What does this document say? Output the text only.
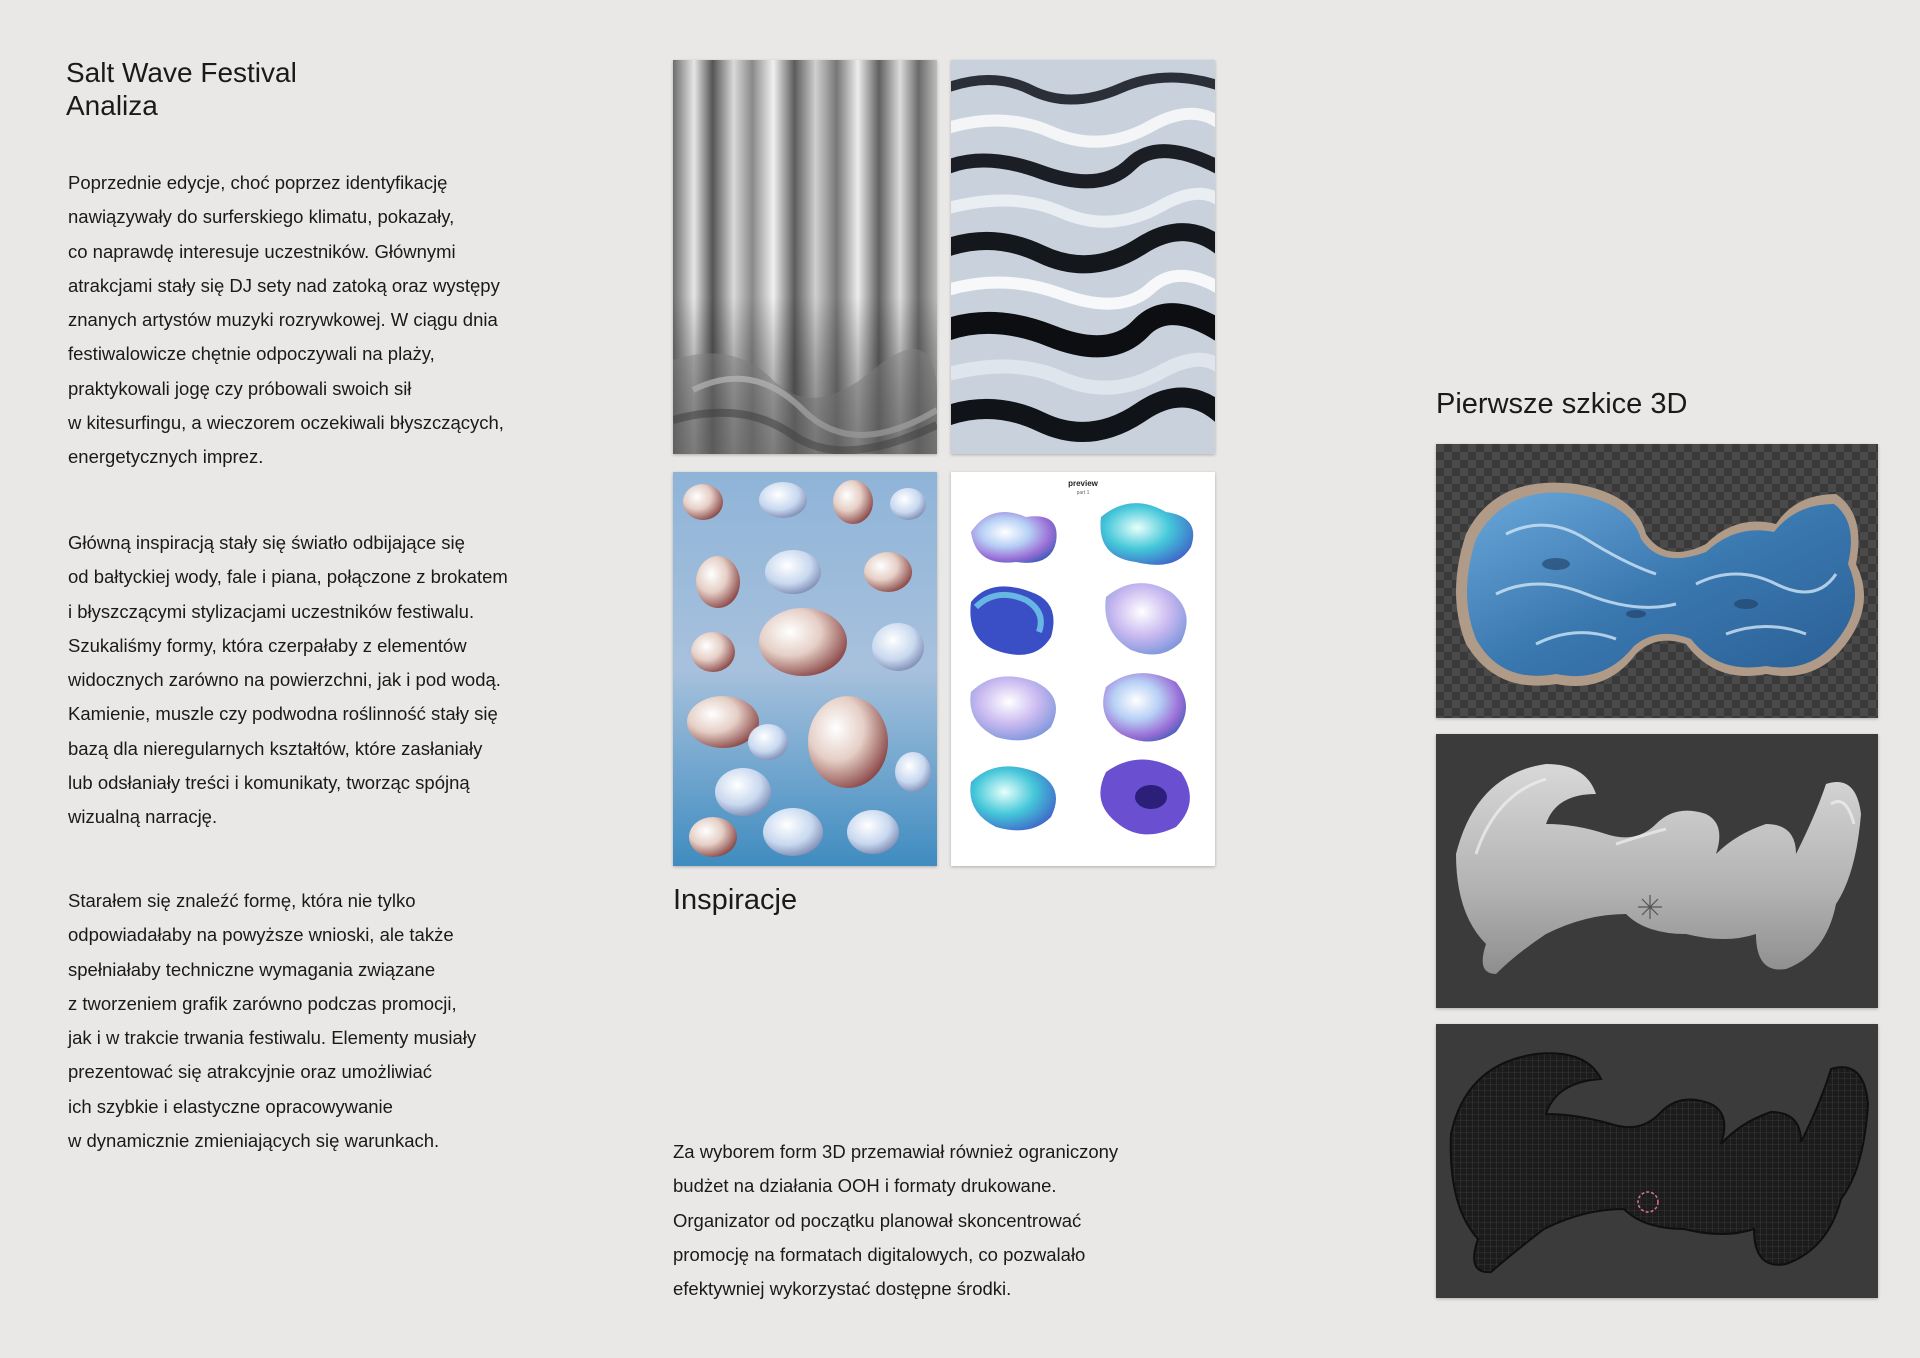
Salt Wave Festival
Analiza

Poprzednie edycje, choć poprzez identyfikację
nawiązywały do surferskiego klimatu, pokazały,
co naprawdę interesuje uczestników. Głównymi
atrakcjami stały się DJ sety nad zatoką oraz występy
znanych artystów muzyki rozrywkowej. W ciągu dnia
festiwalowicze chętnie odpoczywali na plaży,
praktykowali jogę czy próbowali swoich sił
w kitesurfingu, a wieczorem oczekiwali błyszczących,
energetycznych imprez.

Główną inspiracją stały się światło odbijające się
od bałtyckiej wody, fale i piana, połączone z brokatem
i błyszczącymi stylizacjami uczestników festiwalu.
Szukaliśmy formy, która czerpałaby z elementów
widocznych zarówno na powierzchni, jak i pod wodą.
Kamienie, muszle czy podwodna roślinność stały się
bazą dla nieregularnych kształtów, które zasłaniały
lub odsłaniały treści i komunikaty, tworząc spójną
wizualną narrację.

Starałem się znaleźć formę, która nie tylko
odpowiadałaby na powyższe wnioski, ale także
spełniałaby techniczne wymagania związane
z tworzeniem grafik zarówno podczas promocji,
jak i w trakcie trwania festiwalu. Elementy musiały
prezentować się atrakcyjnie oraz umożliwiać
ich szybkie i elastyczne opracowywanie
w dynamicznie zmieniających się warunkach.

preview
part 1
Inspiracje

Za wyborem form 3D przemawiał również ograniczony
budżet na działania OOH i formaty drukowane.
Organizator od początku planował skoncentrować
promocję na formatach digitalowych, co pozwalało
efektywniej wykorzystać dostępne środki.

Pierwsze szkice 3D
